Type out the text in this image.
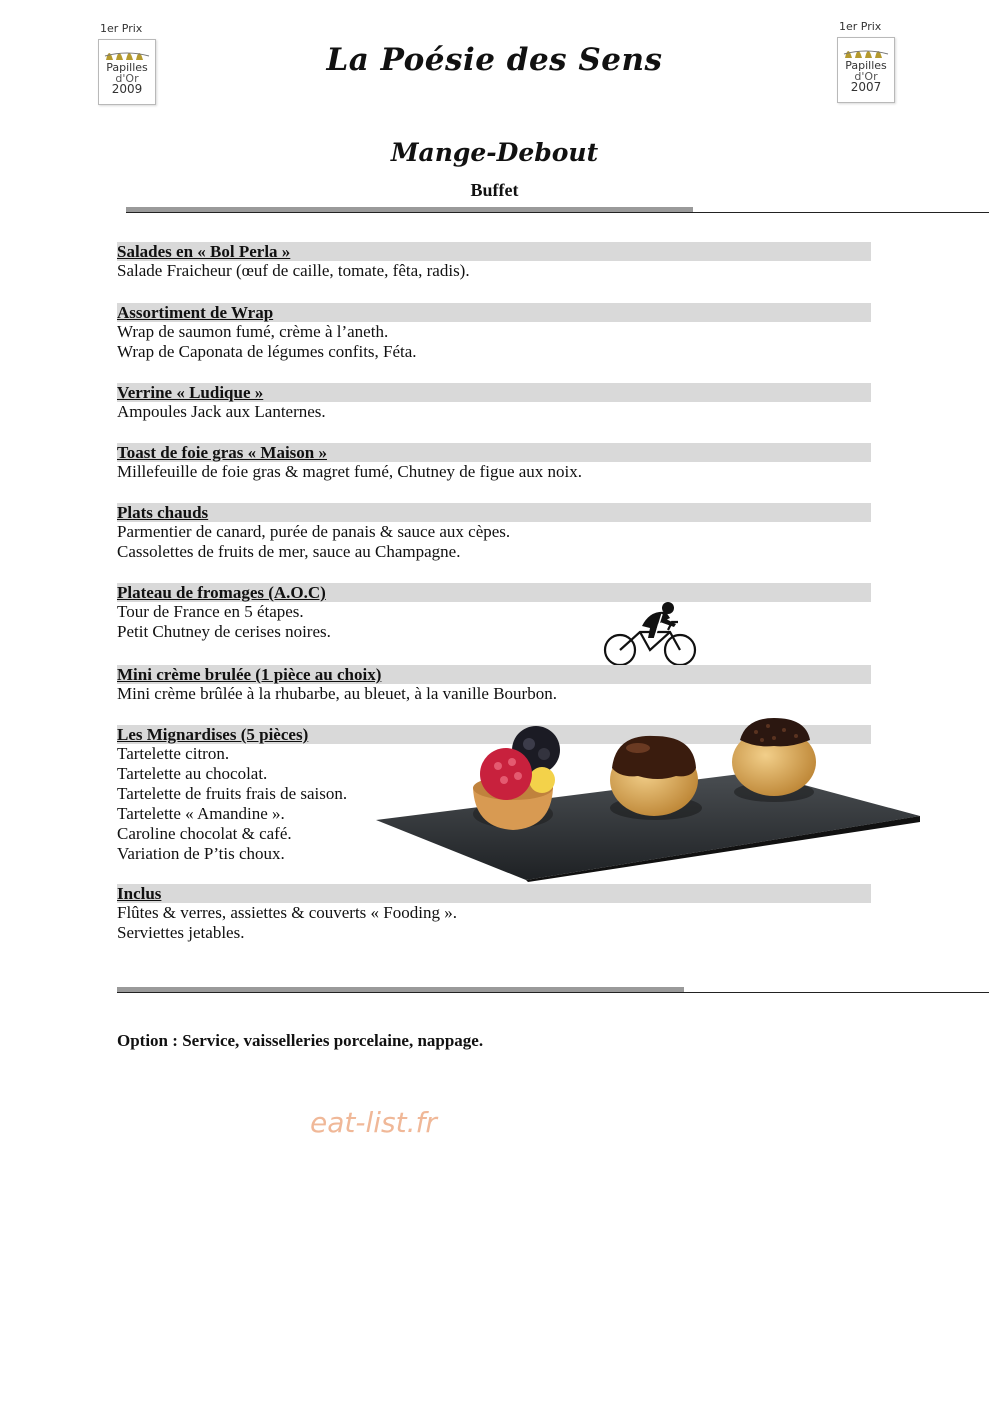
1er Prix
Papilles
d'Or
2009
1er Prix
Papilles
d'Or
2007
La Poésie des Sens
Mange-Debout
Buffet
Salades en « Bol Perla »
Salade Fraicheur (œuf de caille, tomate, fêta, radis).
Assortiment de Wrap
Wrap de saumon fumé, crème à l’aneth.
Wrap de Caponata de légumes confits, Féta.
Verrine « Ludique »
Ampoules Jack aux Lanternes.
Toast de foie gras « Maison »
Millefeuille de foie gras & magret fumé, Chutney de figue aux noix.
Plats chauds
Parmentier de canard, purée de panais & sauce aux cèpes.
Cassolettes de fruits de mer, sauce au Champagne.
Plateau de fromages (A.O.C)
Tour de France en 5 étapes.
Petit Chutney de cerises noires.
Mini crème brulée (1 pièce au choix)
Mini crème brûlée à la rhubarbe, au bleuet, à la vanille Bourbon.
Les Mignardises (5 pièces)
Tartelette citron.
Tartelette au chocolat.
Tartelette de fruits frais de saison.
Tartelette « Amandine ».
Caroline chocolat & café.
Variation de P’tis choux.
Inclus
Flûtes & verres, assiettes & couverts « Fooding ».
Serviettes jetables.
Option : Service, vaisselleries porcelaine, nappage.
eat-list.fr
